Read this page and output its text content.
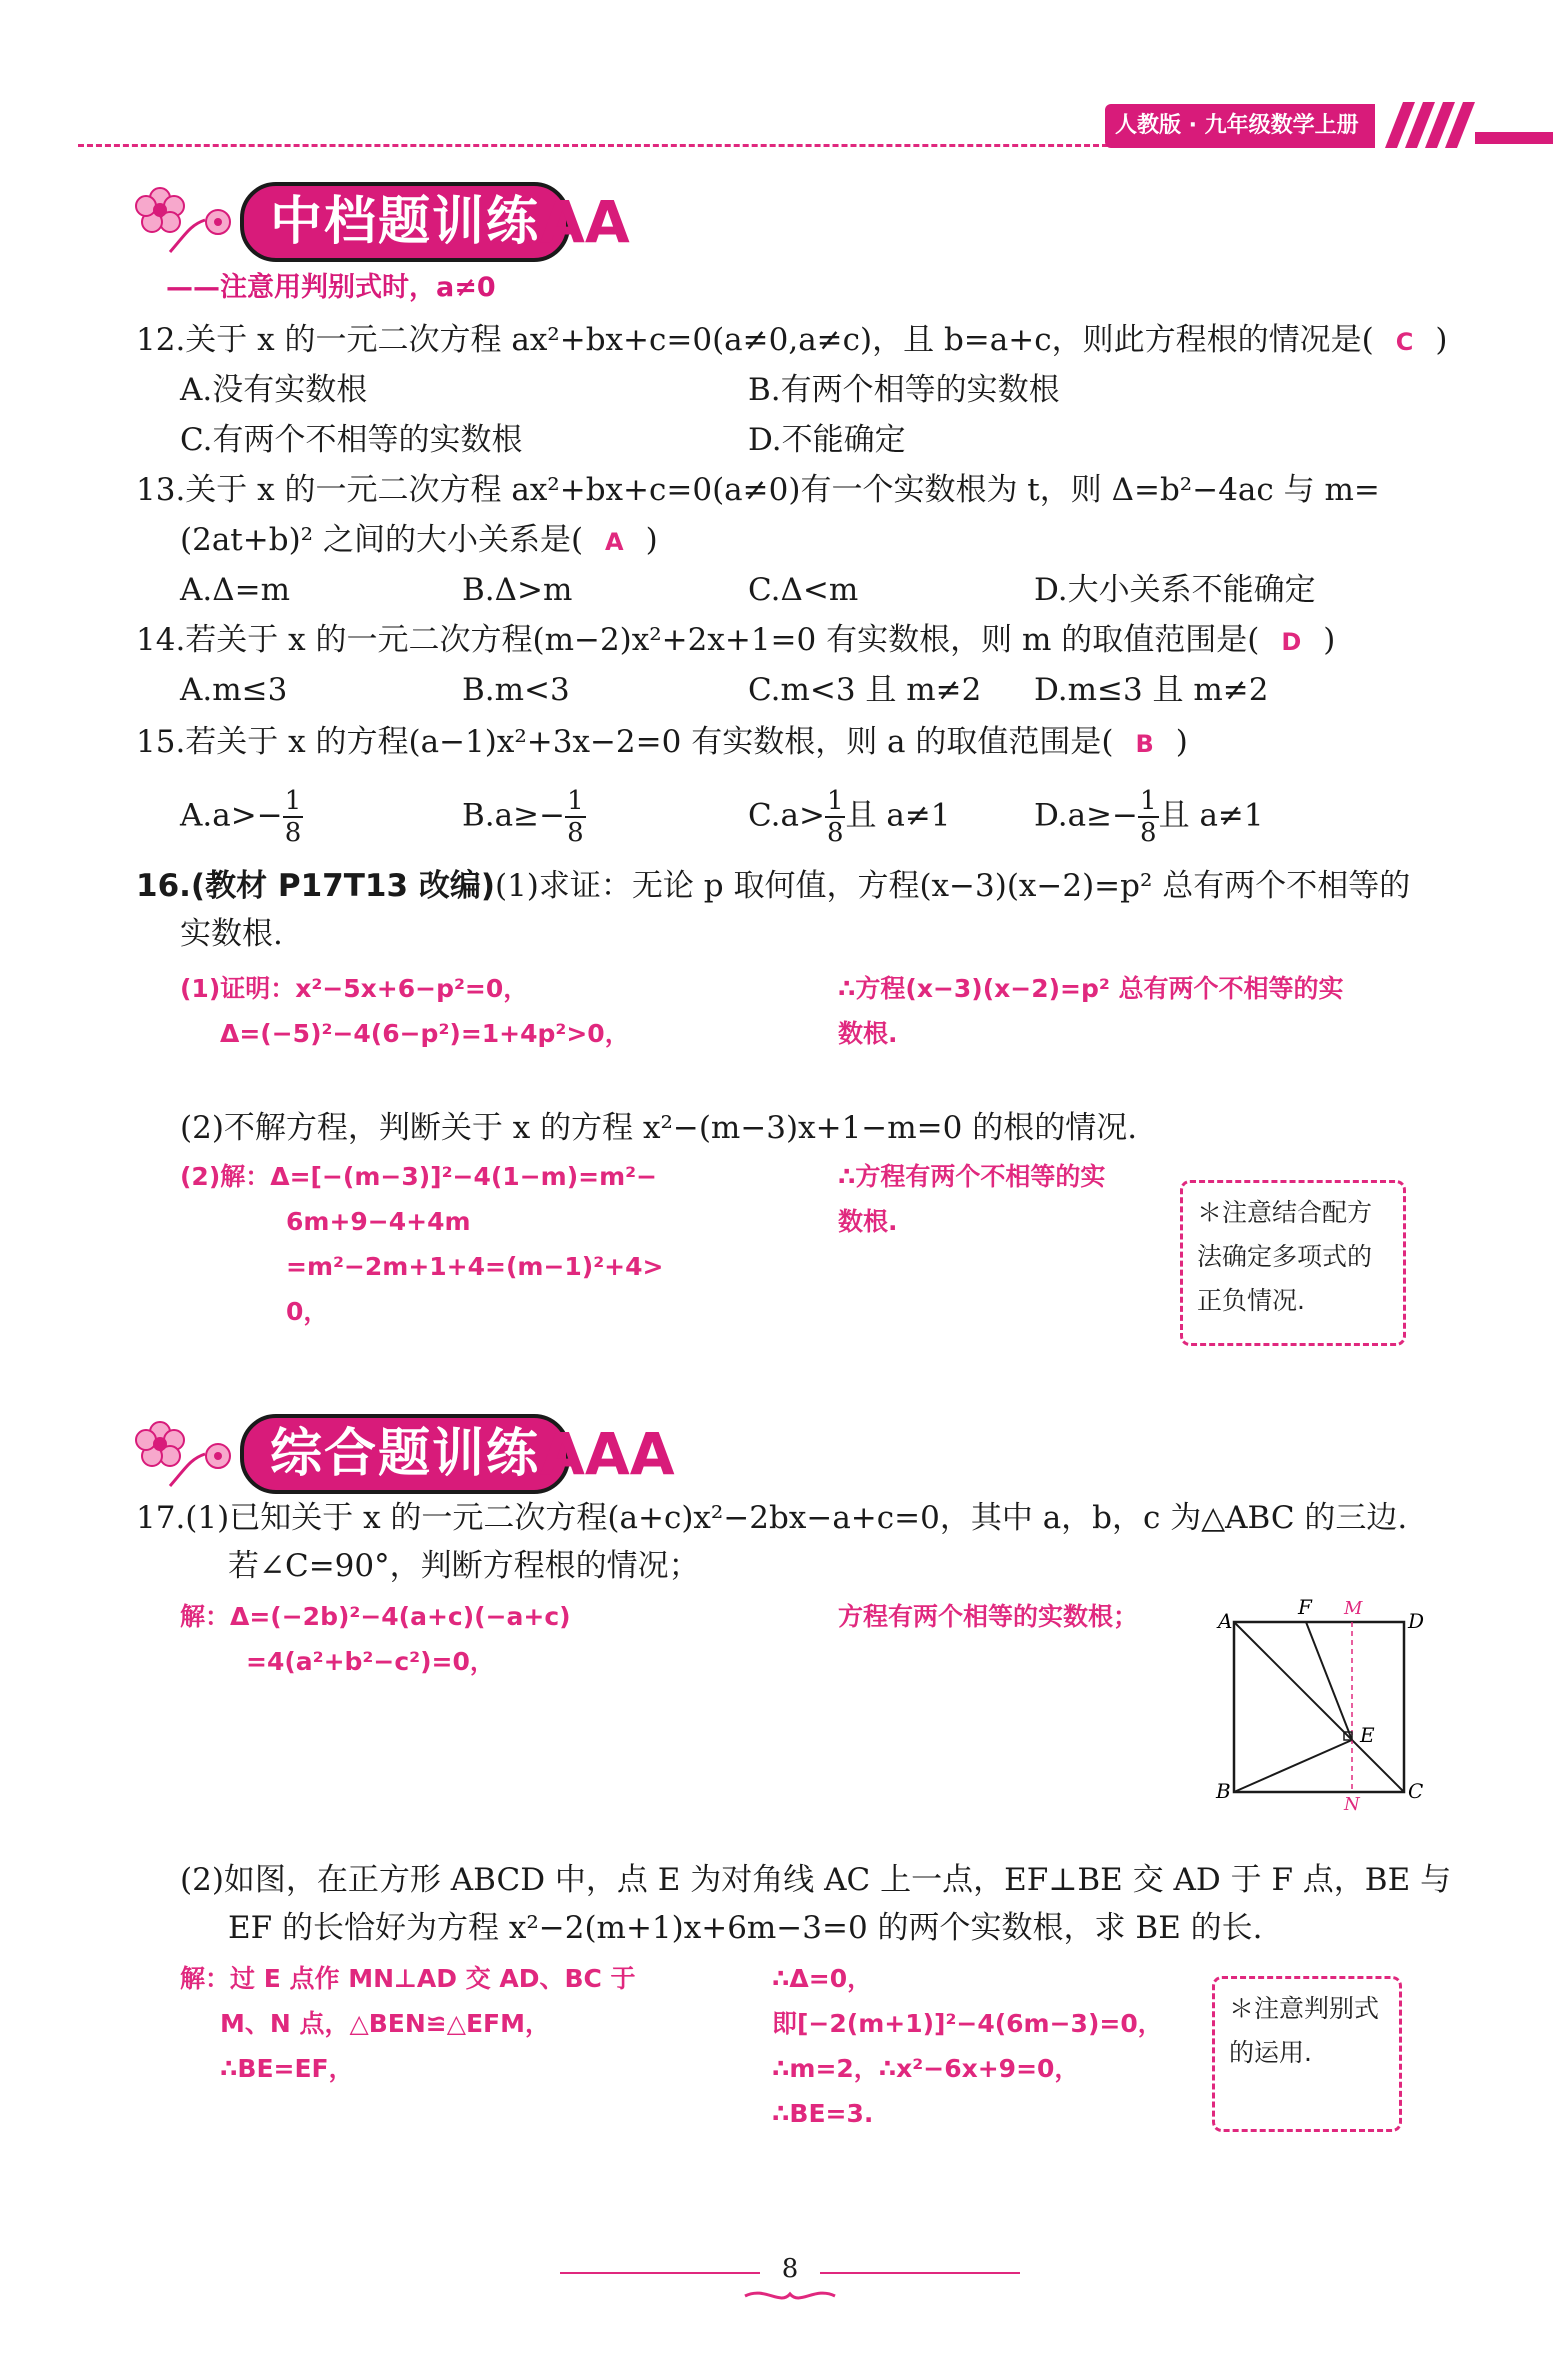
人教版 · 九年级数学上册
中档题训练 AA
——注意用判别式时，a≠0
12.关于 x 的一元二次方程 ax²+bx+c=0(a≠0,a≠c)，且 b=a+c，则此方程根的情况是( C )
A.没有实数根	B.有两个相等的实数根
C.有两个不相等的实数根	D.不能确定
13.关于 x 的一元二次方程 ax²+bx+c=0(a≠0)有一个实数根为 t，则 Δ=b²−4ac 与 m=
(2at+b)² 之间的大小关系是( A )
A.Δ=m	B.Δ>m	C.Δ<m	D.大小关系不能确定
14.若关于 x 的一元二次方程(m−2)x²+2x+1=0 有实数根，则 m 的取值范围是( D )
A.m≤3	B.m<3	C.m<3 且 m≠2 D.m≤3 且 m≠2
15.若关于 x 的方程(a−1)x²+3x−2=0 有实数根，则 a 的取值范围是( B )
$A.a>- \frac{1}{8}$	$B.a\ge- \frac{1}{8}$	$C.a> \frac{1}{8}$ 且 a≠1	$D.a\ge- \frac{1}{8}$ 且 a≠1
16.(教材 P17T13 改编)(1)求证：无论 p 取何值，方程(x−3)(x−2)=p² 总有两个不相等的
实数根.
(1)证明：x²−5x+6−p²=0，
Δ=(−5)²−4(6−p²)=1+4p²>0，
∴方程(x−3)(x−2)=p² 总有两个不相等的实
数根.
(2)不解方程，判断关于 x 的方程 x²−(m−3)x+1−m=0 的根的情况.
(2)解：Δ=[−(m−3)]²−4(1−m)=m²−
6m+9−4+4m
=m²−2m+1+4=(m−1)²+4>
0，
∴方程有两个不相等的实
数根.	＊注意结合配方法确定多项式的正负情况.
综合题训练 AAA
17.(1)已知关于 x 的一元二次方程(a+c)x²−2bx−a+c=0，其中 a，b，c 为△ABC 的三边.
若∠C=90°，判断方程根的情况；
解：Δ=(−2b)²−4(a+c)(−a+c)
=4(a²+b²−c²)=0，
方程有两个相等的实数根；	A	D
B	C
F M
E
N
(2)如图，在正方形 ABCD 中，点 E 为对角线 AC 上一点，EF⊥BE 交 AD 于 F 点，BE 与
EF 的长恰好为方程 x²−2(m+1)x+6m−3=0 的两个实数根，求 BE 的长.
解：过 E 点作 MN⊥AD 交 AD、BC 于
M、N 点，△BEN≌△EFM，
∴BE=EF，
∴Δ=0，
即[−2(m+1)]²−4(6m−3)=0，
∴m=2，∴x²−6x+9=0，
∴BE=3.
＊注意判别式的运用.
8
